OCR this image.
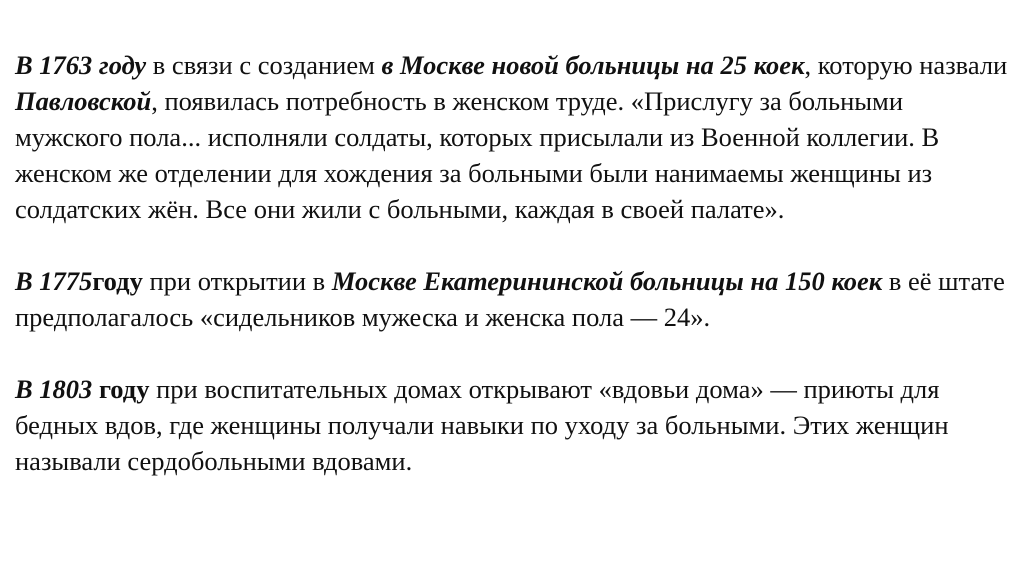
В 1763 году в связи с созданием в Москве новой больницы на 25 коек, которую назвали Павловской, появилась потребность в женском труде. «Прислугу за больными мужского пола... исполняли солдаты, которых присылали из Военной коллегии. В женском же отделении для хождения за больными были нанимаемы женщины из солдатских жён. Все они жили с больными, каждая в своей палате».

В 1775году при открытии в Москве Екатерининской больницы на 150 коек в её штате предполагалось «сидельников мужеска и женска пола — 24».

В 1803 году при воспитательных домах открывают «вдовьи дома» — приюты для бедных вдов, где женщины получали навыки по уходу за больными. Этих женщин называли сердобольными вдовами.
